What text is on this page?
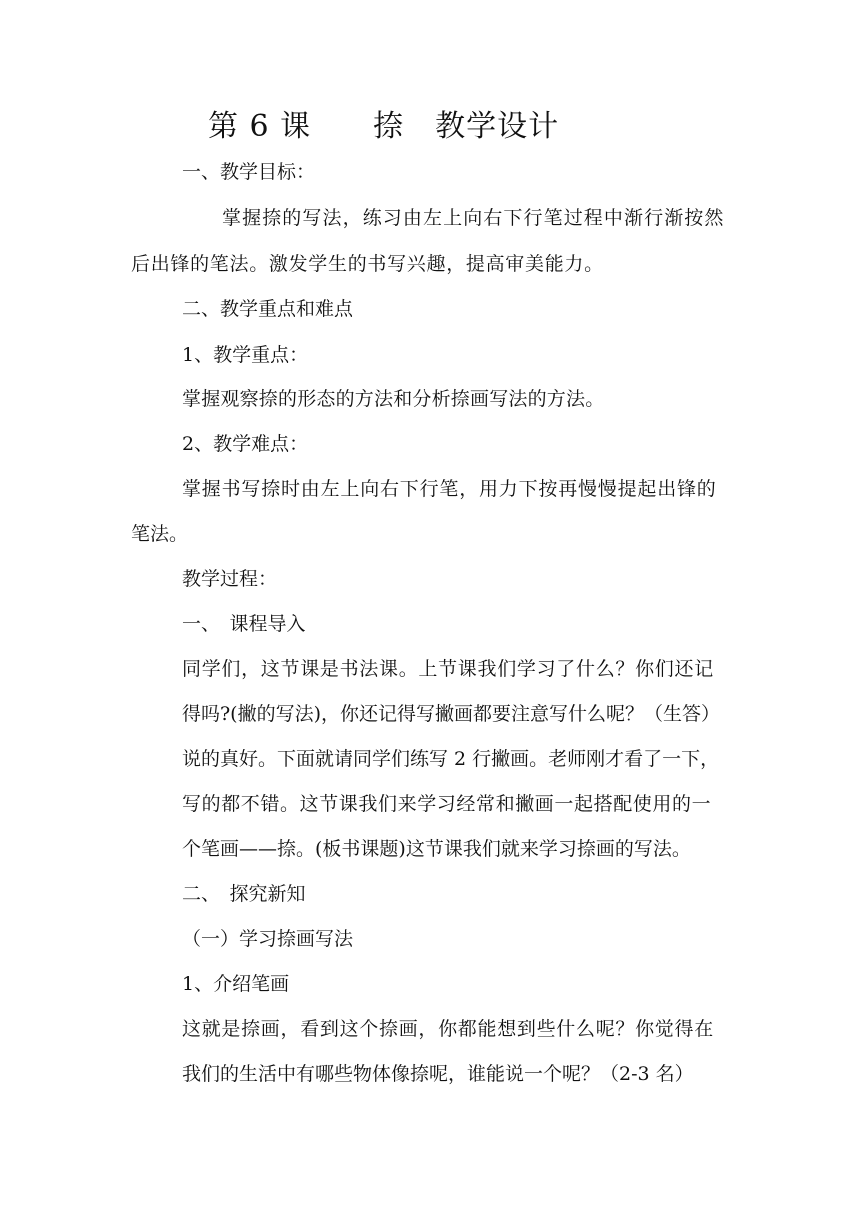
第 6 课　　捺　教学设计
一、教学目标：
掌握捺的写法，练习由左上向右下行笔过程中渐行渐按然
后出锋的笔法。激发学生的书写兴趣，提高审美能力。
二、教学重点和难点
1、教学重点：
掌握观察捺的形态的方法和分析捺画写法的方法。
2、教学难点：
掌握书写捺时由左上向右下行笔，用力下按再慢慢提起出锋的
笔法。
教学过程：
一、　课程导入
同学们，这节课是书法课。上节课我们学习了什么？你们还记
得吗?(撇的写法)，你还记得写撇画都要注意写什么呢？（生答）
说的真好。下面就请同学们练写 2 行撇画。老师刚才看了一下，
写的都不错。这节课我们来学习经常和撇画一起搭配使用的一
个笔画——捺。(板书课题)这节课我们就来学习捺画的写法。
二、　探究新知
（一）学习捺画写法
1、介绍笔画
这就是捺画，看到这个捺画，你都能想到些什么呢？你觉得在
我们的生活中有哪些物体像捺呢，谁能说一个呢？（2-3 名）
